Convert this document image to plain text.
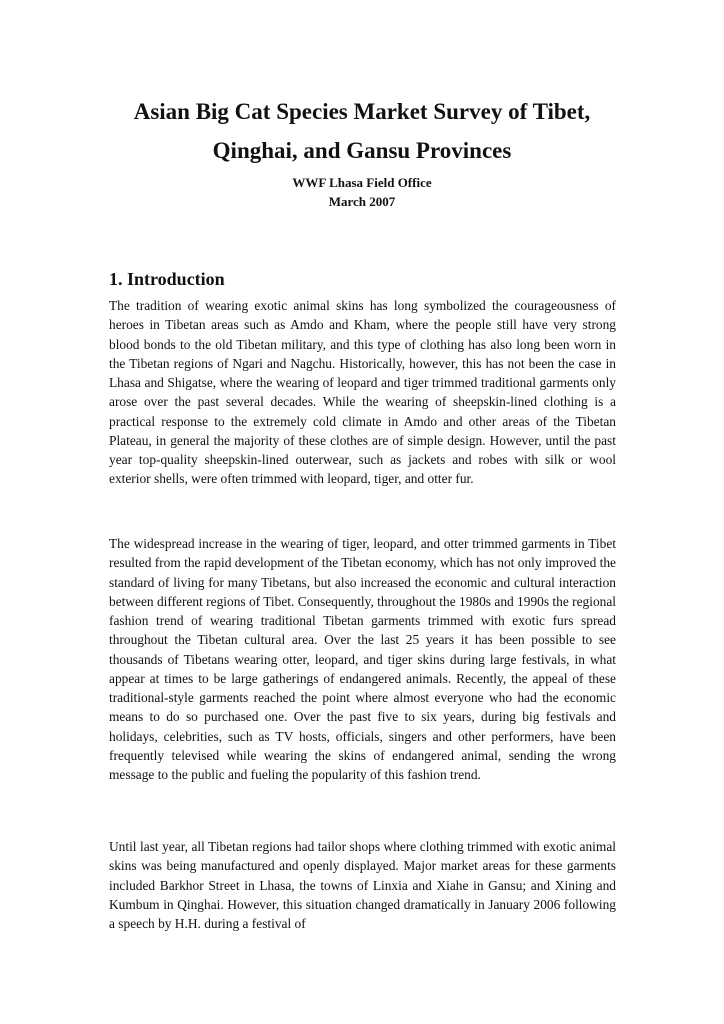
Asian Big Cat Species Market Survey of Tibet,
Qinghai, and Gansu Provinces

WWF Lhasa Field Office

March 2007

1. Introduction

The tradition of wearing exotic animal skins has long symbolized the courageousness of heroes in Tibetan areas such as Amdo and Kham, where the people still have very strong blood bonds to the old Tibetan military, and this type of clothing has also long been worn in the Tibetan regions of Ngari and Nagchu. Historically, however, this has not been the case in Lhasa and Shigatse, where the wearing of leopard and tiger trimmed traditional garments only arose over the past several decades. While the wearing of sheepskin-lined clothing is a practical response to the extremely cold climate in Amdo and other areas of the Tibetan Plateau, in general the majority of these clothes are of simple design. However, until the past year top-quality sheepskin-lined outerwear, such as jackets and robes with silk or wool exterior shells, were often trimmed with leopard, tiger, and otter fur.

The widespread increase in the wearing of tiger, leopard, and otter trimmed garments in Tibet resulted from the rapid development of the Tibetan economy, which has not only improved the standard of living for many Tibetans, but also increased the economic and cultural interaction between different regions of Tibet. Consequently, throughout the 1980s and 1990s the regional fashion trend of wearing traditional Tibetan garments trimmed with exotic furs spread throughout the Tibetan cultural area. Over the last 25 years it has been possible to see thousands of Tibetans wearing otter, leopard, and tiger skins during large festivals, in what appear at times to be large gatherings of endangered animals. Recently, the appeal of these traditional-style garments reached the point where almost everyone who had the economic means to do so purchased one. Over the past five to six years, during big festivals and holidays, celebrities, such as TV hosts, officials, singers and other performers, have been frequently televised while wearing the skins of endangered animal, sending the wrong message to the public and fueling the popularity of this fashion trend.

Until last year, all Tibetan regions had tailor shops where clothing trimmed with exotic animal skins was being manufactured and openly displayed. Major market areas for these garments included Barkhor Street in Lhasa, the towns of Linxia and Xiahe in Gansu; and Xining and Kumbum in Qinghai. However, this situation changed dramatically in January 2006 following a speech by H.H. during a festival of
